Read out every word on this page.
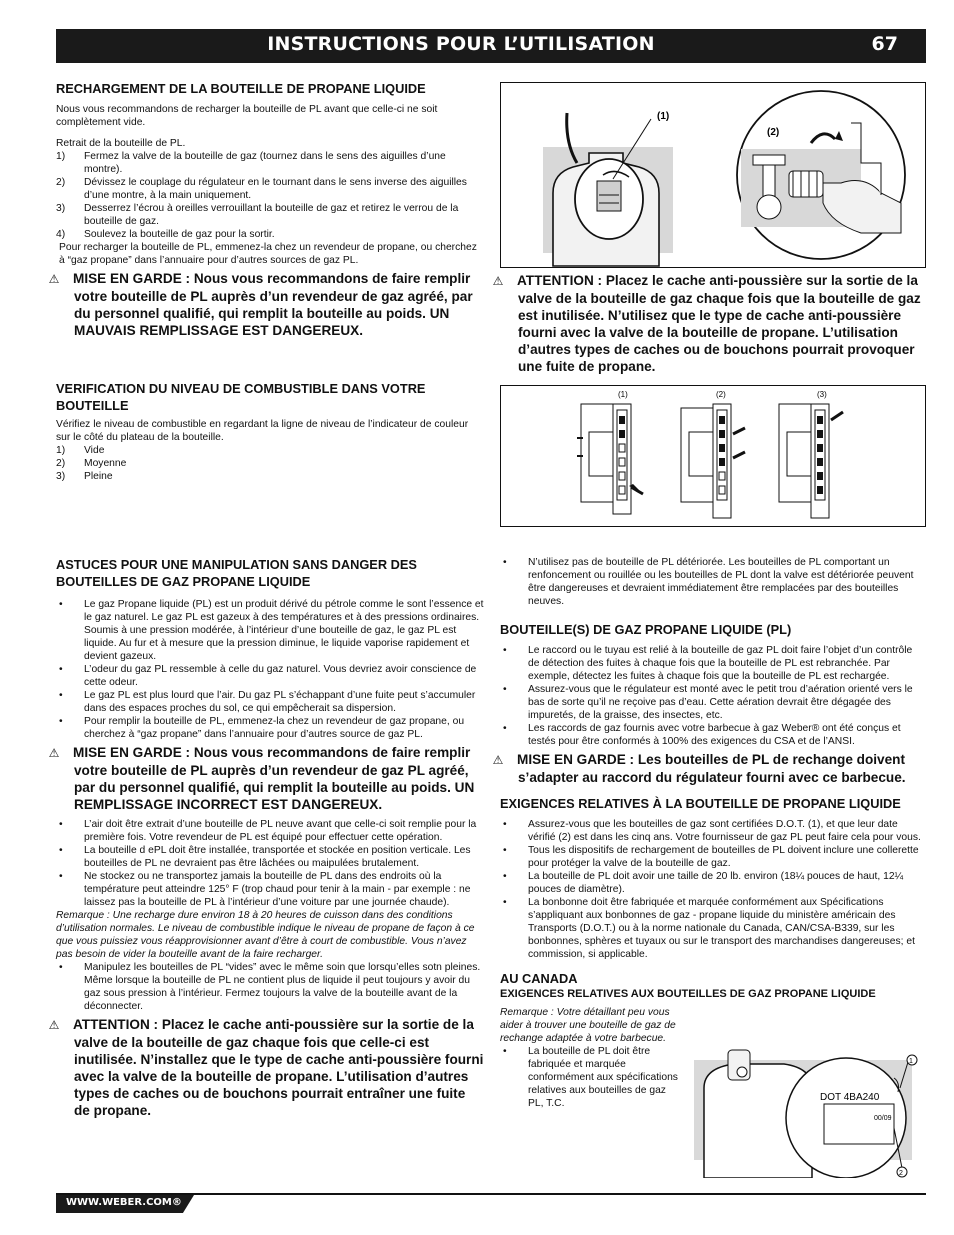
INSTRUCTIONS POUR L’UTILISATION	67
RECHARGEMENT DE LA BOUTEILLE DE PROPANE LIQUIDE
Nous vous recommandons de recharger la bouteille de PL avant que celle-ci ne soit complètement vide.
Retrait de la bouteille de PL.
1) Fermez la valve de la bouteille de gaz (tournez dans le sens des aiguilles d’une montre).
2) Dévissez le couplage du régulateur en le tournant dans le sens inverse des aiguilles d’une montre, à la main uniquement.
3) Desserrez l’écrou à oreilles verrouillant la bouteille de gaz et retirez le verrou de la bouteille de gaz.
4) Soulevez la bouteille de gaz pour la sortir.
Pour recharger la bouteille de PL, emmenez-la chez un revendeur de propane, ou cherchez à “gaz propane” dans l’annuaire pour d’autres sources de gaz PL.
⚠ MISE EN GARDE : Nous vous recommandons de faire remplir votre bouteille de PL auprès d’un revendeur de gaz agréé, par du personnel qualifié, qui remplit la bouteille au poids. UN MAUVAIS REMPLISSAGE EST DANGEREUX.
(1)
(2)
⚠ ATTENTION : Placez le cache anti-poussière sur la sortie de la valve de la bouteille de gaz chaque fois que la bouteille de gaz est inutilisée. N’utilisez que le type de cache anti-poussière fourni avec la valve de la bouteille de propane. L’utilisation d’autres types de caches ou de bouchons pourrait provoquer une fuite de propane.
VERIFICATION DU NIVEAU DE COMBUSTIBLE DANS VOTRE BOUTEILLE
Vérifiez le niveau de combustible en regardant la ligne de niveau de l’indicateur de couleur sur le côté du plateau de la bouteille.
1) Vide
2) Moyenne
3) Pleine
(1)	(2)	(3)
ASTUCES POUR UNE MANIPULATION SANS DANGER DES BOUTEILLES DE GAZ PROPANE LIQUIDE
• Le gaz Propane liquide (PL) est un produit dérivé du pétrole comme le sont l’essence et le gaz naturel. Le gaz PL est gazeux à des températures et à des pressions ordinaires. Soumis à une pression modérée, à l’intérieur d’une bouteille de gaz, le gaz PL est liquide. Au fur et à mesure que la pression diminue, le liquide vaporise rapidement et devient gazeux.
• L’odeur du gaz PL ressemble à celle du gaz naturel. Vous devriez avoir conscience de cette odeur.
• Le gaz PL est plus lourd que l’air. Du gaz PL s’échappant d’une fuite peut s’accumuler dans des espaces proches du sol, ce qui empêcherait sa dispersion.
• Pour remplir la bouteille de PL, emmenez-la chez un revendeur de gaz propane, ou cherchez à “gaz propane” dans l’annuaire pour d’autres source de gaz PL.
⚠ MISE EN GARDE : Nous vous recommandons de faire remplir votre bouteille de PL auprès d’un revendeur de gaz PL agréé, par du personnel qualifié, qui remplit la bouteille au poids. UN REMPLISSAGE INCORRECT EST DANGEREUX.
• L’air doit être extrait d’une bouteille de PL neuve avant que celle-ci soit remplie pour la première fois. Votre revendeur de PL est équipé pour effectuer cette opération.
• La bouteille d ePL doit être installée, transportée et stockée en position verticale. Les bouteilles de PL ne devraient pas être lâchées ou maipulées brutalement.
• Ne stockez ou ne transportez jamais la bouteille de PL dans des endroits où la température peut atteindre 125° F (trop chaud pour tenir à la main - par exemple : ne laissez pas la bouteille de PL à l’intérieur d’une voiture par une journée chaude).
Remarque : Une recharge dure environ 18 à 20 heures de cuisson dans des conditions d’utilisation normales. Le niveau de combustible indique le niveau de propane de façon à ce que vous puissiez vous réapprovisionner avant d’être à court de combustible. Vous n’avez pas besoin de vider la bouteille avant de la faire recharger.
• Manipulez les bouteilles de PL “vides” avec le même soin que lorsqu’elles sotn pleines. Même lorsque la bouteille de PL ne contient plus de liquide il peut toujours y avoir du gaz sous pression à l’intérieur. Fermez toujours la valve de la bouteille avant de la déconnecter.
⚠ ATTENTION : Placez le cache anti-poussière sur la sortie de la valve de la bouteille de gaz chaque fois que celle-ci est inutilisée. N’installez que le type de cache anti-poussière fourni avec la valve de la bouteille de propane. L’utilisation d’autres types de caches ou de bouchons pourrait entraîner une fuite de propane.
• N’utilisez pas de bouteille de PL détériorée. Les bouteilles de PL comportant un renfoncement ou rouillée ou les bouteilles de PL dont la valve est détériorée peuvent être dangereuses et devraient immédiatement être remplacées par des bouteilles neuves.
BOUTEILLE(S) DE GAZ PROPANE LIQUIDE (PL)
• Le raccord ou le tuyau est relié à la bouteille de gaz PL doit faire l’objet d’un contrôle de détection des fuites à chaque fois que la bouteille de PL est rebranchée. Par exemple, détectez les fuites à chaque fois que la bouteille de PL est rechargée.
• Assurez-vous que le régulateur est monté avec le petit trou d’aération orienté vers le bas de sorte qu’il ne reçoive pas d’eau. Cette aération devrait être dégagée des impuretés, de la graisse, des insectes, etc.
• Les raccords de gaz fournis avec votre barbecue à gaz Weber® ont été conçus et testés pour être conformés à 100% des exigences du CSA et de l’ANSI.
⚠ MISE EN GARDE : Les bouteilles de PL de rechange doivent s’adapter au raccord du régulateur fourni avec ce barbecue.
EXIGENCES RELATIVES À LA BOUTEILLE DE PROPANE LIQUIDE
• Assurez-vous que les bouteilles de gaz sont certifiées D.O.T. (1), et que leur date vérifié (2) est dans les cinq ans. Votre fournisseur de gaz PL peut faire cela pour vous.
• Tous les dispositifs de rechargement de bouteilles de PL doivent inclure une collerette pour protéger la valve de la bouteille de gaz.
• La bouteille de PL doit avoir une taille de 20 lb. environ (18¼ pouces de haut, 12¼ pouces de diamètre).
• La bonbonne doit être fabriquée et marquée conformément aux Spécifications s’appliquant aux bonbonnes de gaz - propane liquide du ministère américain des Transports (D.O.T.) ou à la norme nationale du Canada, CAN/CSA-B339, sur les bonbonnes, sphères et tuyaux ou sur le transport des marchandises dangereuses; et commission, si applicable.
AU CANADA
EXIGENCES RELATIVES AUX BOUTEILLES DE GAZ PROPANE LIQUIDE
Remarque : Votre détaillant peu vous aider à trouver une bouteille de gaz de rechange adaptée à votre barbecue.
• La bouteille de PL doit être fabriquée et marquée conformément aux spécifications relatives aux bouteilles de gaz PL, T.C.
DOT 4BA240
00/09
1
2
WWW.WEBER.COM®
